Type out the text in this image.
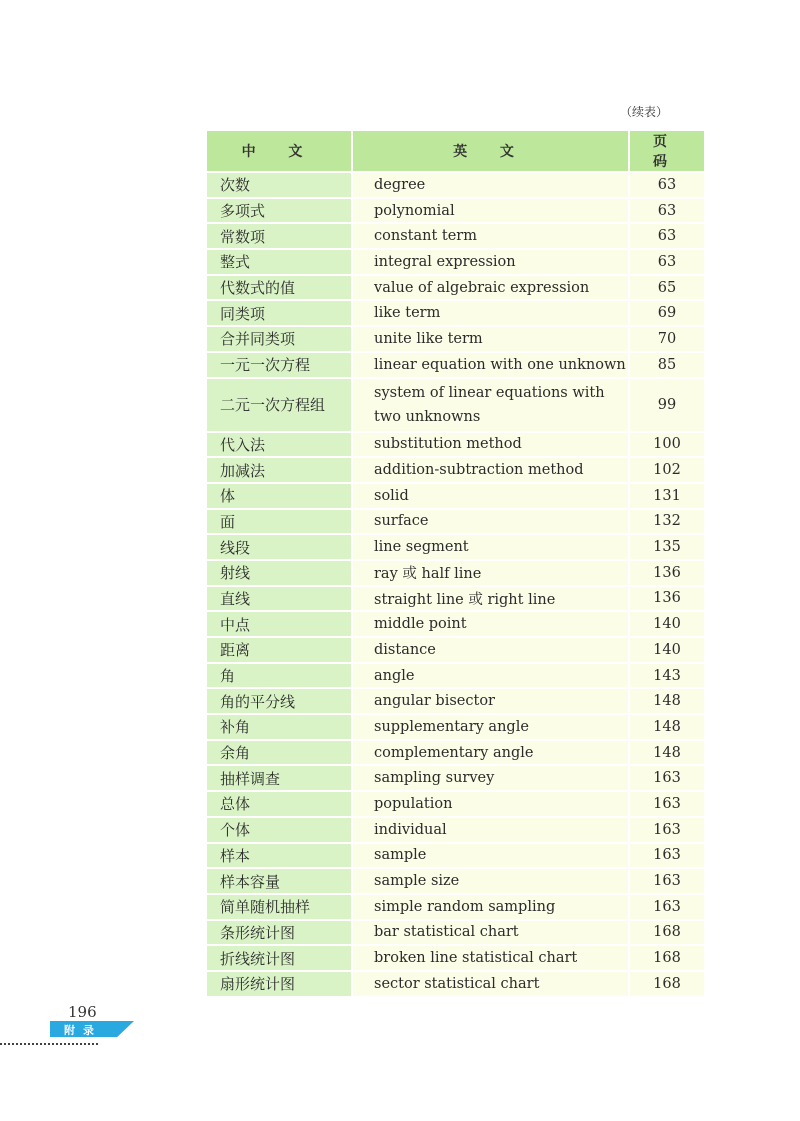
（续表）
中 文	英 文	页 码
次数	degree	63
多项式	polynomial	63
常数项	constant term	63
整式	integral expression	63
代数式的值	value of algebraic expression	65
同类项	like term	69
合并同类项	unite like term	70
一元一次方程	linear equation with one unknown	85
二元一次方程组	system of linear equations with two unknowns	99
代入法	substitution method	100
加减法	addition-subtraction method	102
体	solid	131
面	surface	132
线段	line segment	135
射线	ray 或 half line	136
直线	straight line 或 right line	136
中点	middle point	140
距离	distance	140
角	angle	143
角的平分线	angular bisector	148
补角	supplementary angle	148
余角	complementary angle	148
抽样调查	sampling survey	163
总体	population	163
个体	individual	163
样本	sample	163
样本容量	sample size	163
简单随机抽样	simple random sampling	163
条形统计图	bar statistical chart	168
折线统计图	broken line statistical chart	168
扇形统计图	sector statistical chart	168
196
附录
